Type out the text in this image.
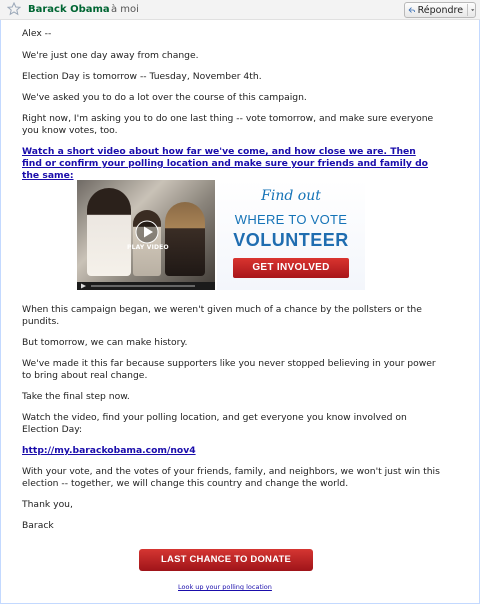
Barack Obama à moi	Répondre
Alex --
We're just one day away from change.
Election Day is tomorrow -- Tuesday, November 4th.
We've asked you to do a lot over the course of this campaign.
Right now, I'm asking you to do one last thing -- vote tomorrow, and make sure everyone you know votes, too.
Watch a short video about how far we've come, and how close we are. Then find or confirm your polling location and make sure your friends and family do the same:
PLAY VIDEO
Find out
WHERE TO VOTE
VOLUNTEER
GET INVOLVED
When this campaign began, we weren't given much of a chance by the pollsters or the pundits.
But tomorrow, we can make history.
We've made it this far because supporters like you never stopped believing in your power to bring about real change.
Take the final step now.
Watch the video, find your polling location, and get everyone you know involved on Election Day:
http://my.barackobama.com/nov4
With your vote, and the votes of your friends, family, and neighbors, we won't just win this election -- together, we will change this country and change the world.
Thank you,
Barack
LAST CHANCE TO DONATE
Look up your polling location
